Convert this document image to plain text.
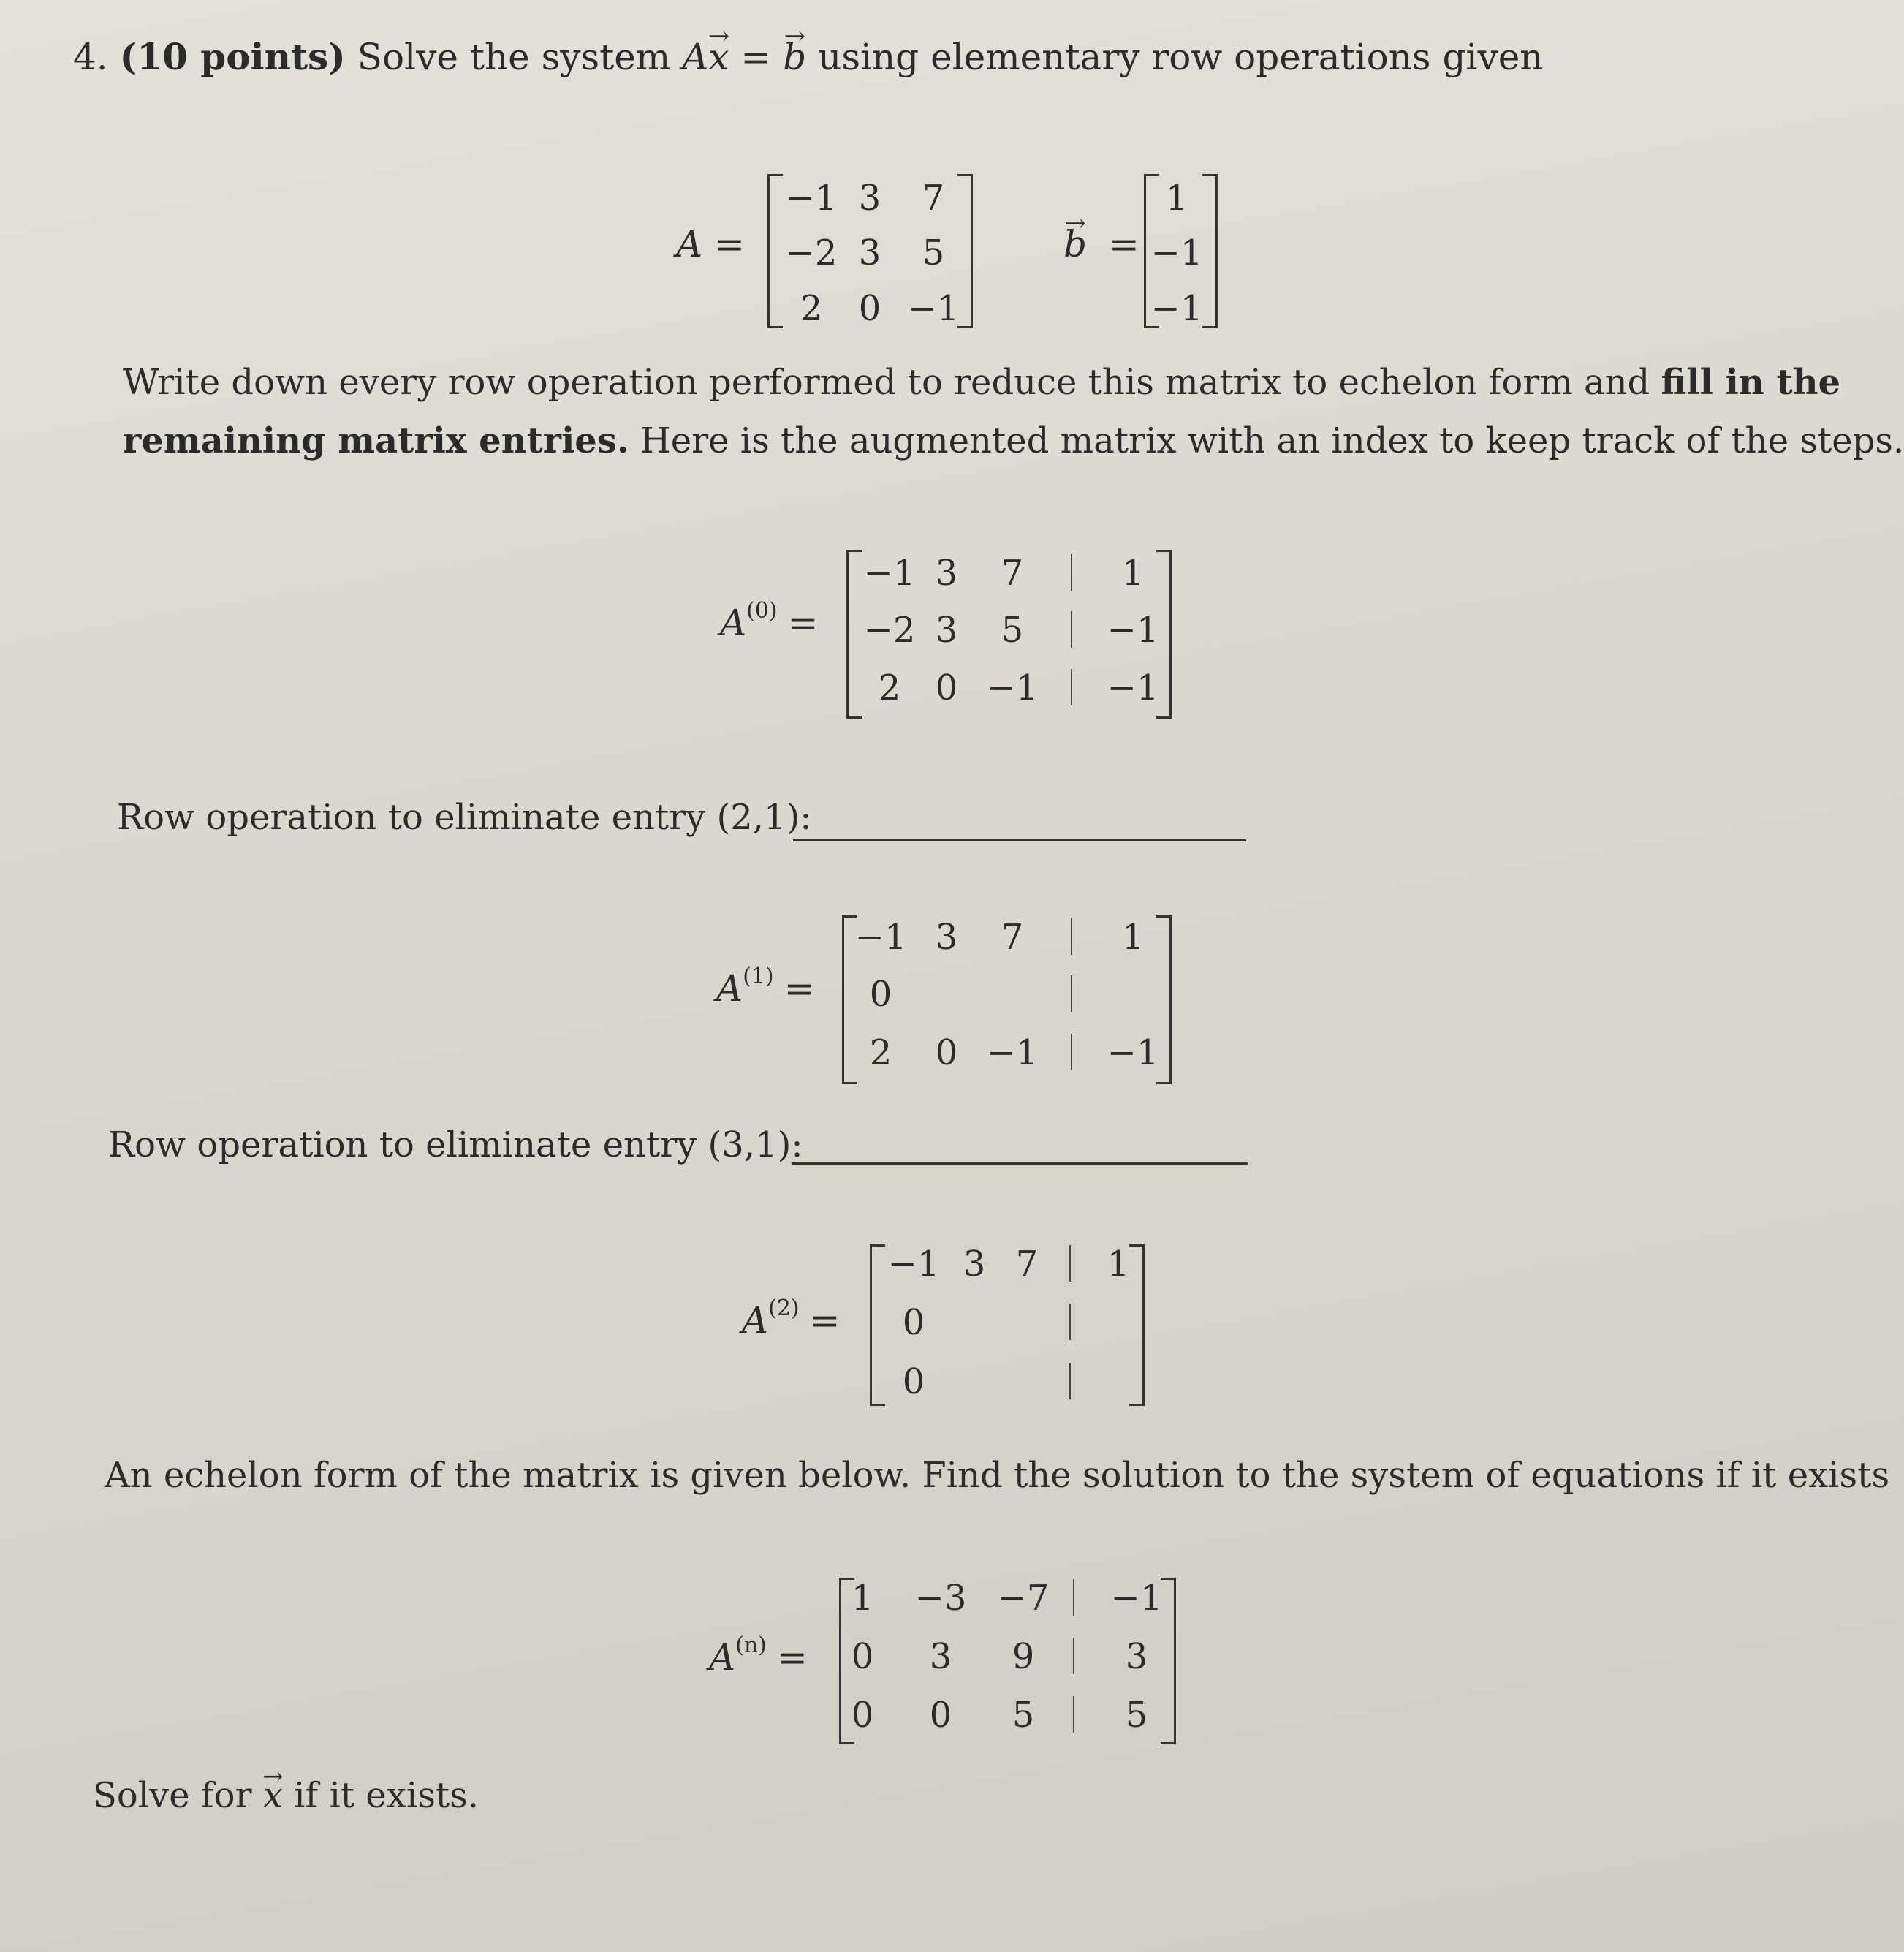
4. (10 points) Solve the system A→ x = → b using elementary row operations given
A =
−1 3	7
−2 3	5
2	0 −1
→ b =
1
−1
−1
Write down every row operation performed to reduce this matrix to echelon form and fill in the
remaining matrix entries. Here is the augmented matrix with an index to keep track of the steps.
$A^{(0)}$ =
−1 3	7	1
−2 3	5	−1
2 0 −1	−1
Row operation to eliminate entry (2,1):
$A^{(1)}$ =
−1 3	7	1
0
2	0 −1	−1
Row operation to eliminate entry (3,1):
$A^{(2)}$ =
−1 3 7	1
0
0
An echelon form of the matrix is given below. Find the solution to the system of equations if it exists
$A^{(n)}$ =
1	−3 −7	−1
0	3	9	3
0	0	5	5
Solve for → x if it exists.
